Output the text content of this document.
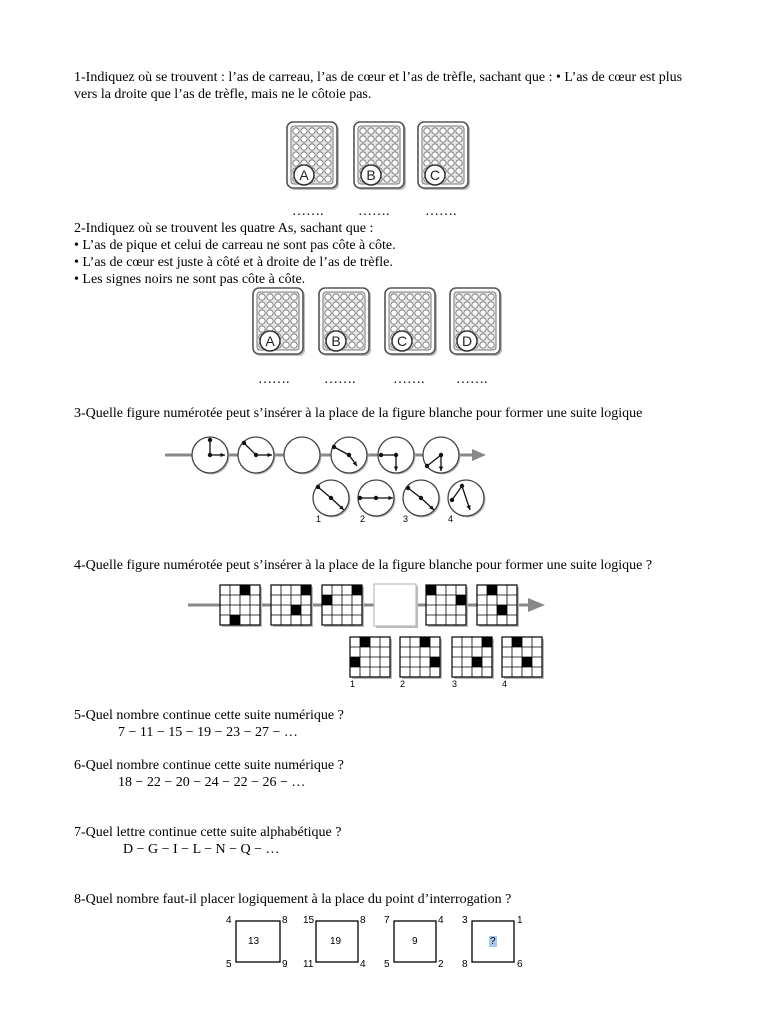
1-Indiquez où se trouvent : l’as de carreau, l’as de cœur et l’as de trèfle, sachant que : • L’as de cœur est plus vers la droite que l’as de trèfle, mais ne le côtoie pas.
A	B	C
A	B	C	D
……. …….	…….
2-Indiquez où se trouvent les quatre As, sachant que :
• L’as de pique et celui de carreau ne sont pas côte à côte.
• L’as de cœur est juste à côté et à droite de l’as de trèfle.
• Les signes noirs ne sont pas côte à côte.
……. …….	……. …….
3-Quelle figure numérotée peut s’insérer à la place de la figure blanche pour former une suite logique
1	2	3	4
4-Quelle figure numérotée peut s’insérer à la place de la figure blanche pour former une suite logique ?
1	2	3	4
5-Quel nombre continue cette suite numérique ?
7 − 11 − 15 − 19 − 23 − 27 − …
6-Quel nombre continue cette suite numérique ?
18 − 22 − 20 − 24 − 22 − 26 − …
7-Quel lettre continue cette suite alphabétique ?
D − G − I − L − N − Q − …
8-Quel nombre faut-il placer logiquement à la place du point d’interrogation ?
4	8
13
5	9
15	8
19
11	4
7	4
9
5	2
3	1
?
8	6
